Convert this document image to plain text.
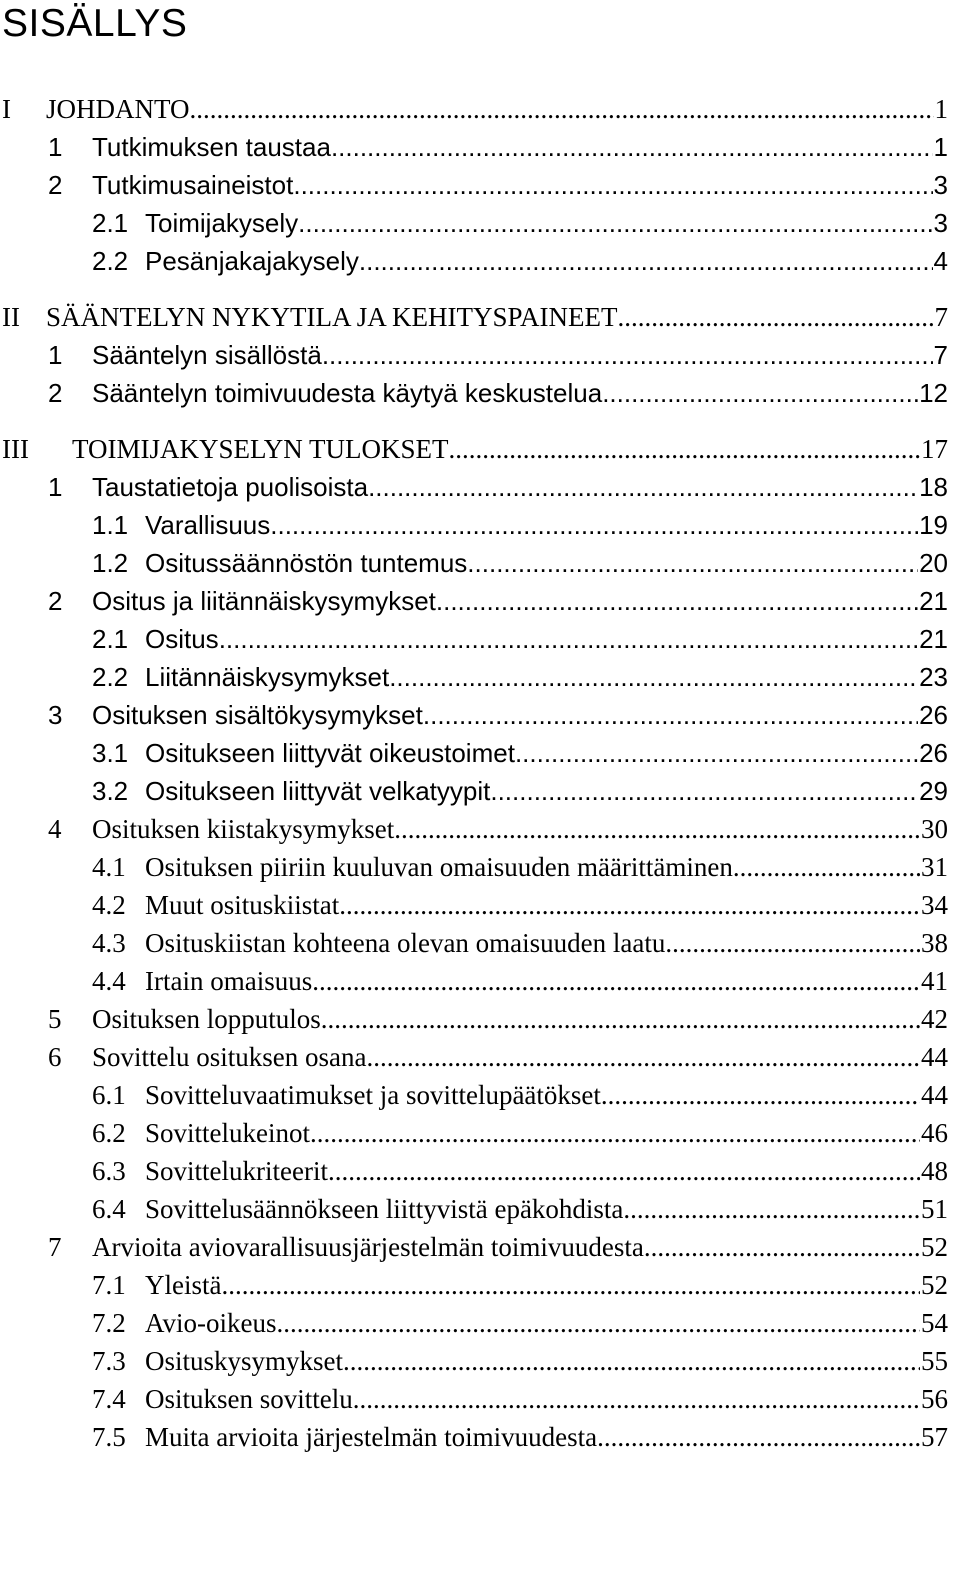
SISÄLLYS
I JOHDANTO .....	1
1 Tutkimuksen taustaa .....	1
2 Tutkimusaineistot .....	3
2.1 Toimijakysely .....	3
2.2 Pesänjakajakysely .....	4
II SÄÄNTELYN NYKYTILA JA KEHITYSPAINEET .....	7
1 Sääntelyn sisällöstä .....	7
2 Sääntelyn toimivuudesta käytyä keskustelua .....	12
III TOIMIJAKYSELYN TULOKSET .....	17
1 Taustatietoja puolisoista .....	18
1.1 Varallisuus .....	19
1.2 Ositussäännöstön tuntemus .....	20
2 Ositus ja liitännäiskysymykset .....	21
2.1 Ositus .....	21
2.2 Liitännäiskysymykset .....	23
3 Osituksen sisältökysymykset .....	26
3.1 Ositukseen liittyvät oikeustoimet .....	26
3.2 Ositukseen liittyvät velkatyypit .....	29
4 Osituksen kiistakysymykset .....	30
4.1 Osituksen piiriin kuuluvan omaisuuden määrittäminen .....	31
4.2 Muut osituskiistat .....	34
4.3 Osituskiistan kohteena olevan omaisuuden laatu .....	38
4.4 Irtain omaisuus .....	41
5 Osituksen lopputulos .....	42
6 Sovittelu osituksen osana .....	44
6.1 Sovitteluvaatimukset ja sovittelupäätökset .....	44
6.2 Sovittelukeinot .....	46
6.3 Sovittelukriteerit .....	48
6.4 Sovittelusäännökseen liittyvistä epäkohdista .....	51
7 Arvioita aviovarallisuusjärjestelmän toimivuudesta .....	52
7.1 Yleistä .....	52
7.2 Avio-oikeus .....	54
7.3 Osituskysymykset .....	55
7.4 Osituksen sovittelu .....	56
7.5 Muita arvioita järjestelmän toimivuudesta .....	57
